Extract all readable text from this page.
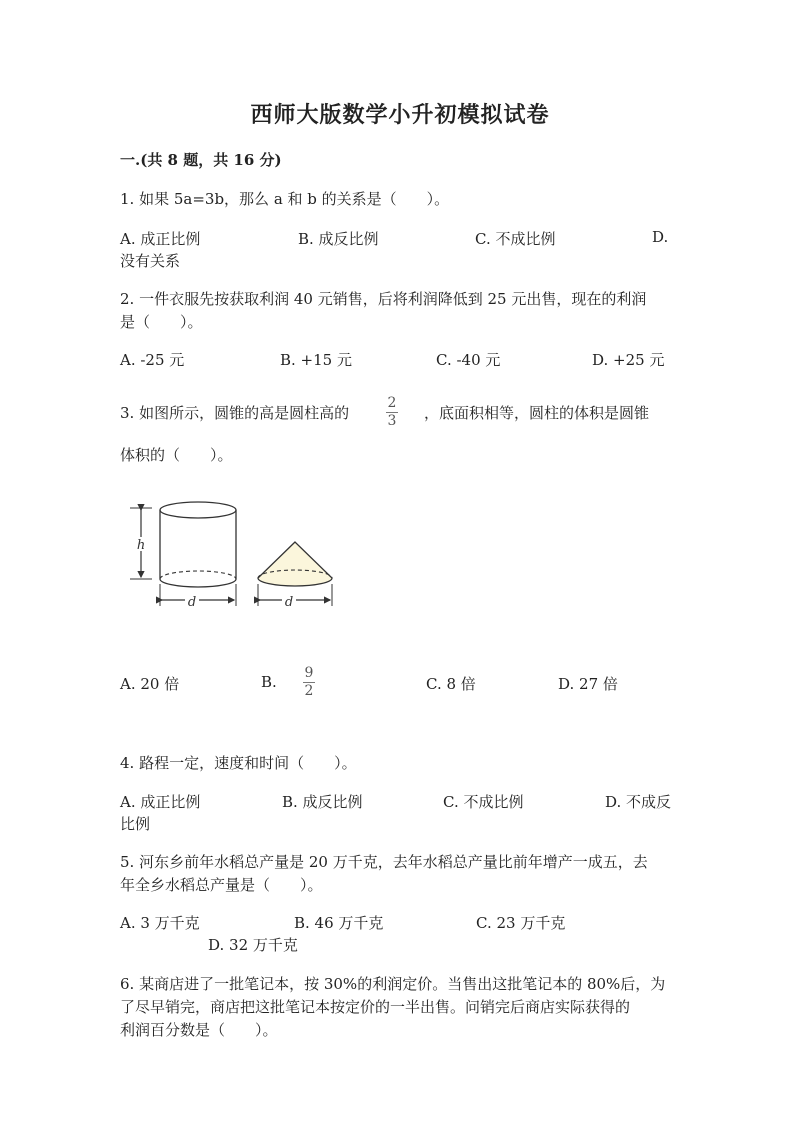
西师大版数学小升初模拟试卷
一.(共 8 题，共 16 分)
1. 如果 5a=3b，那么 a 和 b 的关系是（　　）。
A. 成正比例	B. 成反比例	C. 不成比例	D.
没有关系
2. 一件衣服先按获取利润 40 元销售，后将利润降低到 25 元出售，现在的利润
是（　　）。
A. -25 元	B. +15 元	C. -40 元	D. +25 元
3. 如图所示，圆锥的高是圆柱高的
2
3 ，底面积相等，圆柱的体积是圆锥
体积的（　　）。
h
d	d
A. 20 倍	B. 9
2	C. 8 倍	D. 27 倍
4. 路程一定，速度和时间（　　）。
A. 成正比例	B. 成反比例	C. 不成比例	D. 不成反
比例
5. 河东乡前年水稻总产量是 20 万千克，去年水稻总产量比前年增产一成五，去
年全乡水稻总产量是（　　）。
A. 3 万千克	B. 46 万千克	C. 23 万千克
D. 32 万千克
6. 某商店进了一批笔记本，按 30%的利润定价。当售出这批笔记本的 80%后，为
了尽早销完，商店把这批笔记本按定价的一半出售。问销完后商店实际获得的
利润百分数是（　　）。
